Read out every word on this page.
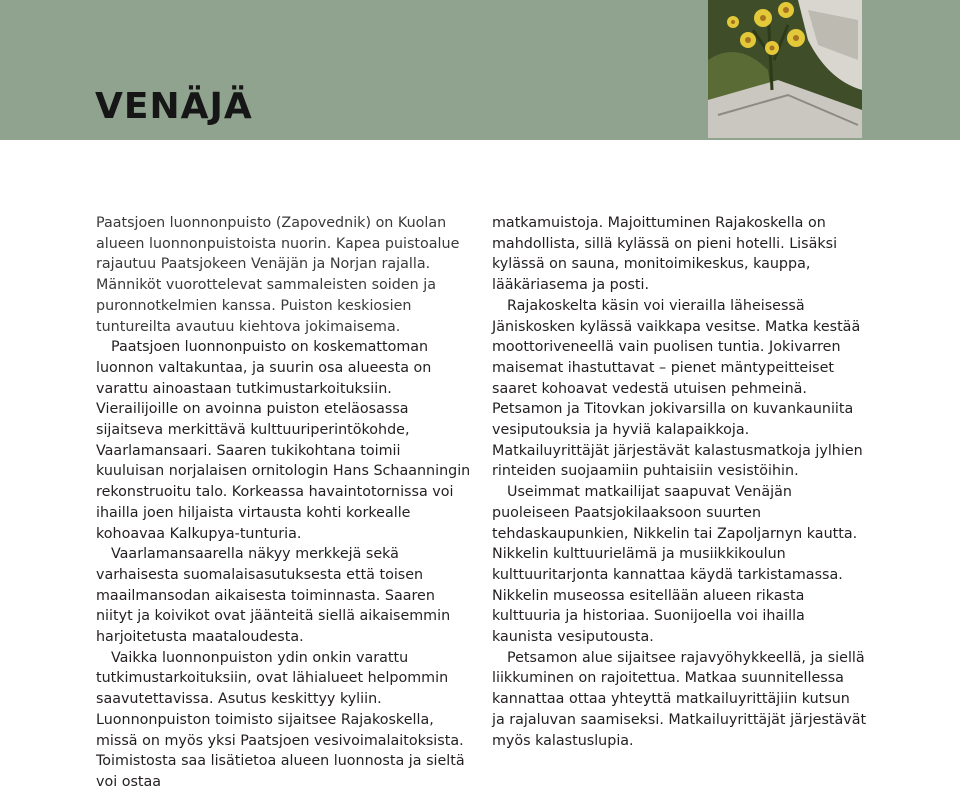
VENÄJÄ

Paatsjoen luonnonpuisto (Zapovednik) on Kuolan alueen luonnonpuistoista nuorin. Kapea puistoalue rajautuu Paatsjokeen Venäjän ja Norjan rajalla. Männiköt vuorottelevat sammaleisten soiden ja puronnotkelmien kanssa. Puiston keskiosien tuntureilta avautuu kiehtova jokimaisema.

Paatsjoen luonnonpuisto on koskemattoman luonnon valtakuntaa, ja suurin osa alueesta on varattu ainoastaan tutkimustarkoituksiin. Vierailijoille on avoinna puiston eteläosassa sijaitseva merkittävä kulttuuriperintökohde, Vaarlamansaari. Saaren tukikohtana toimii kuuluisan norjalaisen ornitologin Hans Schaanningin rekonstruoitu talo. Korkeassa havaintotornissa voi ihailla joen hiljaista virtausta kohti korkealle kohoavaa Kalkupya-tunturia.

Vaarlamansaarella näkyy merkkejä sekä varhaisesta suomalaisasutuksesta että toisen maailmansodan aikaisesta toiminnasta. Saaren niityt ja koivikot ovat jäänteitä siellä aikaisemmin harjoitetusta maataloudesta.

Vaikka luonnonpuiston ydin onkin varattu tutkimustarkoituksiin, ovat lähialueet helpommin saavutettavissa. Asutus keskittyy kyliin. Luonnonpuiston toimisto sijaitsee Rajakoskella, missä on myös yksi Paatsjoen vesivoimalaitoksista. Toimistosta saa lisätietoa alueen luonnosta ja sieltä voi ostaa

matkamuistoja. Majoittuminen Rajakoskella on mahdollista, sillä kylässä on pieni hotelli. Lisäksi kylässä on sauna, monitoimikeskus, kauppa, lääkäriasema ja posti.

Rajakoskelta käsin voi vierailla läheisessä Jäniskosken kylässä vaikkapa vesitse. Matka kestää moottoriveneellä vain puolisen tuntia. Jokivarren maisemat ihastuttavat – pienet mäntypeitteiset saaret kohoavat vedestä utuisen pehmeinä. Petsamon ja Titovkan jokivarsilla on kuvankauniita vesiputouksia ja hyviä kalapaikkoja. Matkailuyrittäjät järjestävät kalastusmatkoja jylhien rinteiden suojaamiin puhtaisiin vesistöihin.

Useimmat matkailijat saapuvat Venäjän puoleiseen Paatsjokilaaksoon suurten tehdaskaupunkien, Nikkelin tai Zapoljarnyn kautta. Nikkelin kulttuurielämä ja musiikkikoulun kulttuuritarjonta kannattaa käydä tarkistamassa. Nikkelin museossa esitellään alueen rikasta kulttuuria ja historiaa. Suonijoella voi ihailla kaunista vesiputousta.

Petsamon alue sijaitsee rajavyöhykkeellä, ja siellä liikkuminen on rajoitettua. Matkaa suunnitellessa kannattaa ottaa yhteyttä matkailuyrittäjiin kutsun ja rajaluvan saamiseksi. Matkailuyrittäjät järjestävät myös kalastuslupia.
